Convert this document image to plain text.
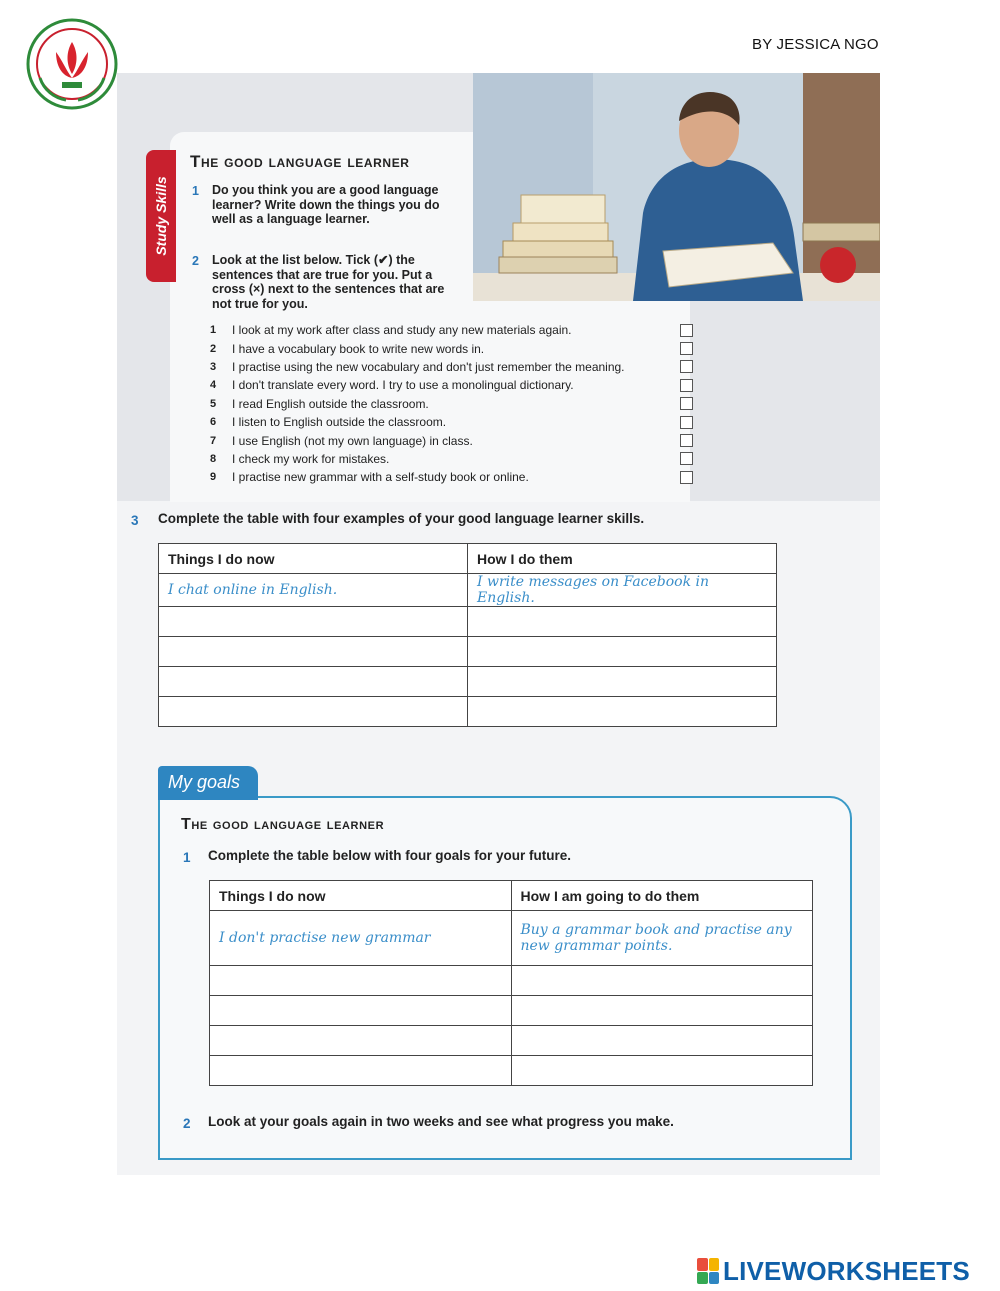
BY JESSICA NGO
Study Skills
The good language learner
1 Do you think you are a good language learner? Write down the things you do well as a language learner.
2 Look at the list below. Tick (✔) the sentences that are true for you. Put a cross (×) next to the sentences that are not true for you.
1	I look at my work after class and study any new materials again.
2	I have a vocabulary book to write new words in.
3	I practise using the new vocabulary and don't just remember the meaning.
4	I don't translate every word. I try to use a monolingual dictionary.
5	I read English outside the classroom.
6	I listen to English outside the classroom.
7	I use English (not my own language) in class.
8	I check my work for mistakes.
9	I practise new grammar with a self-study book or online.
3 Complete the table with four examples of your good language learner skills.
Things I do now	How I do them
I chat online in English.	I write messages on Facebook in English.

My goals
The good language learner
1 Complete the table below with four goals for your future.
Things I do now	How I am going to do them
I don't practise new grammar	Buy a grammar book and practise any new grammar points.

2 Look at your goals again in two weeks and see what progress you make.
LIVEWORKSHEETS
